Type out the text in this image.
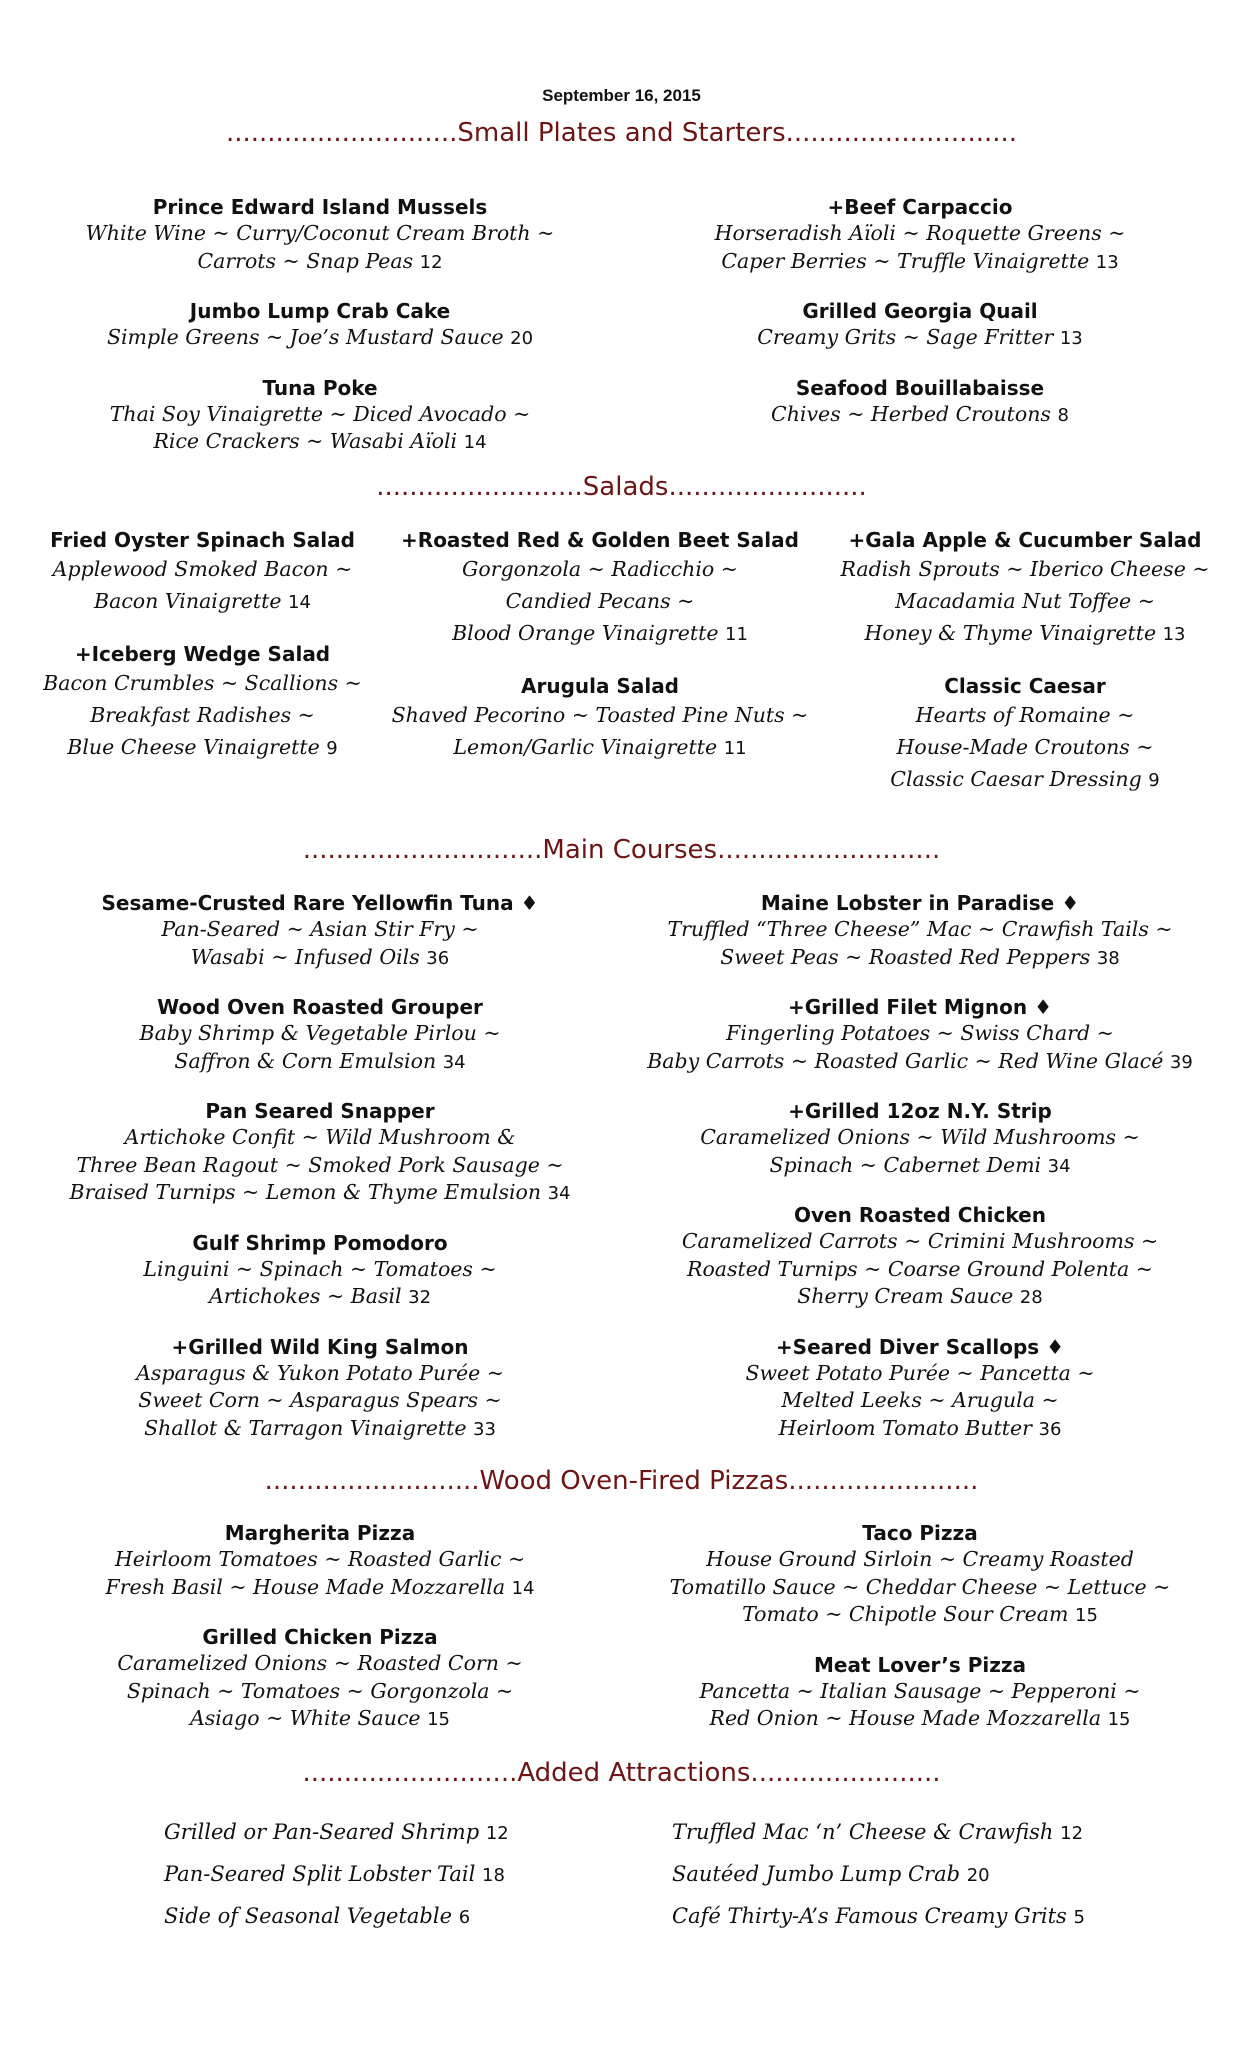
September 16, 2015
............................Small Plates and Starters............................
Prince Edward Island Mussels
White Wine ~ Curry/Coconut Cream Broth ~
Carrots ~ Snap Peas 12
Jumbo Lump Crab Cake
Simple Greens ~ Joe’s Mustard Sauce 20
Tuna Poke
Thai Soy Vinaigrette ~ Diced Avocado ~
Rice Crackers ~ Wasabi Aïoli 14
+Beef Carpaccio
Horseradish Aïoli ~ Roquette Greens ~
Caper Berries ~ Truffle Vinaigrette 13
Grilled Georgia Quail
Creamy Grits ~ Sage Fritter 13
Seafood Bouillabaisse
Chives ~ Herbed Croutons 8
.........................Salads........................
Fried Oyster Spinach Salad
Applewood Smoked Bacon ~
Bacon Vinaigrette 14
+Iceberg Wedge Salad
Bacon Crumbles ~ Scallions ~
Breakfast Radishes ~
Blue Cheese Vinaigrette 9
+Roasted Red & Golden Beet Salad
Gorgonzola ~ Radicchio ~
Candied Pecans ~
Blood Orange Vinaigrette 11
Arugula Salad
Shaved Pecorino ~ Toasted Pine Nuts ~
Lemon/Garlic Vinaigrette 11
+Gala Apple & Cucumber Salad
Radish Sprouts ~ Iberico Cheese ~
Macadamia Nut Toffee ~
Honey & Thyme Vinaigrette 13
Classic Caesar
Hearts of Romaine ~
House-Made Croutons ~
Classic Caesar Dressing 9
.............................Main Courses...........................
Sesame-Crusted Rare Yellowfin Tuna ♦
Pan-Seared ~ Asian Stir Fry ~
Wasabi ~ Infused Oils 36
Wood Oven Roasted Grouper
Baby Shrimp & Vegetable Pirlou ~
Saffron & Corn Emulsion 34
Pan Seared Snapper
Artichoke Confit ~ Wild Mushroom &
Three Bean Ragout ~ Smoked Pork Sausage ~
Braised Turnips ~ Lemon & Thyme Emulsion 34
Gulf Shrimp Pomodoro
Linguini ~ Spinach ~ Tomatoes ~
Artichokes ~ Basil 32
+Grilled Wild King Salmon
Asparagus & Yukon Potato Purée ~
Sweet Corn ~ Asparagus Spears ~
Shallot & Tarragon Vinaigrette 33
Maine Lobster in Paradise ♦
Truffled “Three Cheese” Mac ~ Crawfish Tails ~
Sweet Peas ~ Roasted Red Peppers 38
+Grilled Filet Mignon ♦
Fingerling Potatoes ~ Swiss Chard ~
Baby Carrots ~ Roasted Garlic ~ Red Wine Glacé 39
+Grilled 12oz N.Y. Strip
Caramelized Onions ~ Wild Mushrooms ~
Spinach ~ Cabernet Demi 34
Oven Roasted Chicken
Caramelized Carrots ~ Crimini Mushrooms ~
Roasted Turnips ~ Coarse Ground Polenta ~
Sherry Cream Sauce 28
+Seared Diver Scallops ♦
Sweet Potato Purée ~ Pancetta ~
Melted Leeks ~ Arugula ~
Heirloom Tomato Butter 36
..........................Wood Oven-Fired Pizzas.......................
Margherita Pizza
Heirloom Tomatoes ~ Roasted Garlic ~
Fresh Basil ~ House Made Mozzarella 14
Grilled Chicken Pizza
Caramelized Onions ~ Roasted Corn ~
Spinach ~ Tomatoes ~ Gorgonzola ~
Asiago ~ White Sauce 15
Taco Pizza
House Ground Sirloin ~ Creamy Roasted
Tomatillo Sauce ~ Cheddar Cheese ~ Lettuce ~
Tomato ~ Chipotle Sour Cream 15
Meat Lover’s Pizza
Pancetta ~ Italian Sausage ~ Pepperoni ~
Red Onion ~ House Made Mozzarella 15
..........................Added Attractions.......................
Grilled or Pan-Seared Shrimp 12
Pan-Seared Split Lobster Tail 18
Side of Seasonal Vegetable 6
Truffled Mac ‘n’ Cheese & Crawfish 12
Sautéed Jumbo Lump Crab 20
Café Thirty-A’s Famous Creamy Grits 5
